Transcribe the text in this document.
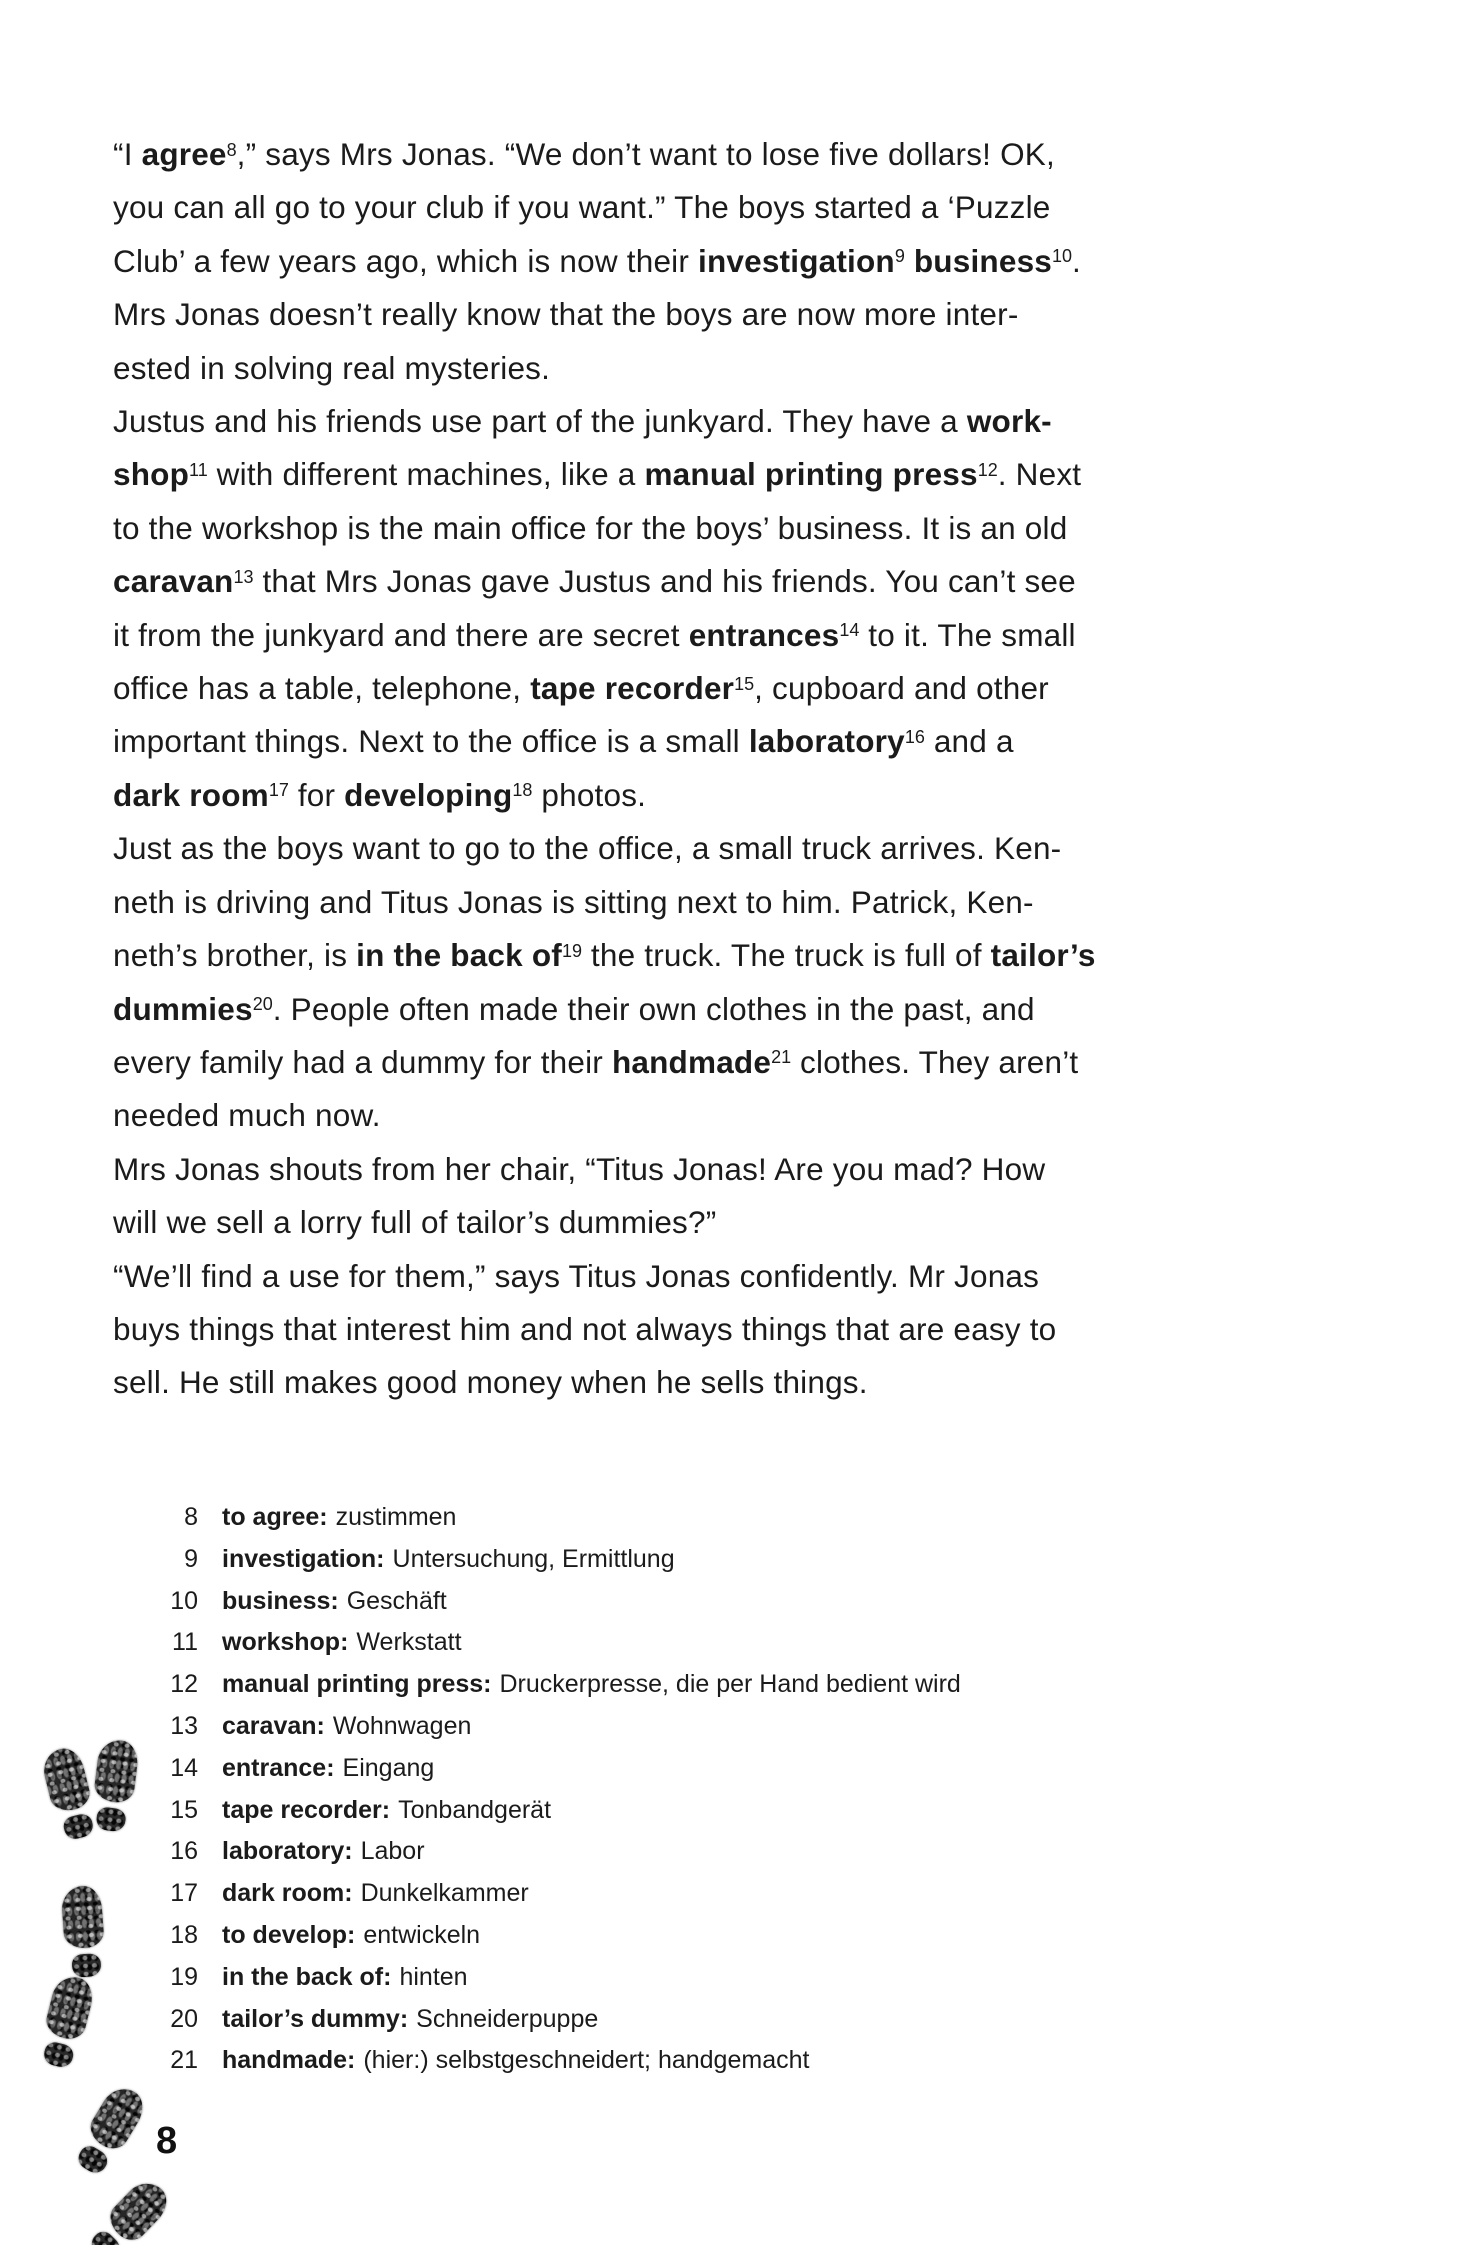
“I agree$^8$,” says Mrs Jonas. “We don’t want to lose five dollars! OK,
you can all go to your club if you want.” The boys started a ‘Puzzle
Club’ a few years ago, which is now their investigation$^9$ business$^{10}$.
Mrs Jonas doesn’t really know that the boys are now more inter-
ested in solving real mysteries.
Justus and his friends use part of the junkyard. They have a work-
shop$^{11}$ with different machines, like a manual printing press$^{12}$. Next
to the workshop is the main office for the boys’ business. It is an old
caravan$^{13}$ that Mrs Jonas gave Justus and his friends. You can’t see
it from the junkyard and there are secret entrances$^{14}$ to it. The small
office has a table, telephone, tape recorder$^{15}$, cupboard and other
important things. Next to the office is a small laboratory$^{16}$ and a
dark room$^{17}$ for developing$^{18}$ photos.
Just as the boys want to go to the office, a small truck arrives. Ken-
neth is driving and Titus Jonas is sitting next to him. Patrick, Ken-
neth’s brother, is in the back $of^{19}$ the truck. The truck is full of tailor’s
dummies$^{20}$. People often made their own clothes in the past, and
every family had a dummy for their handmade$^{21}$ clothes. They aren’t
needed much now.
Mrs Jonas shouts from her chair, “Titus Jonas! Are you mad? How
will we sell a lorry full of tailor’s dummies?”
“We’ll find a use for them,” says Titus Jonas confidently. Mr Jonas
buys things that interest him and not always things that are easy to
sell. He still makes good money when he sells things.
8 to agree: zustimmen
9 investigation: Untersuchung, Ermittlung
10 business: Geschäft
11 workshop: Werkstatt
12 manual printing press: Druckerpresse, die per Hand bedient wird
13 caravan: Wohnwagen
14 entrance: Eingang
15 tape recorder: Tonbandgerät
16 laboratory: Labor
17 dark room: Dunkelkammer
18 to develop: entwickeln
19 in the back of: hinten
20 tailor’s dummy: Schneiderpuppe
21 handmade: (hier:) selbstgeschneidert; handgemacht
8
